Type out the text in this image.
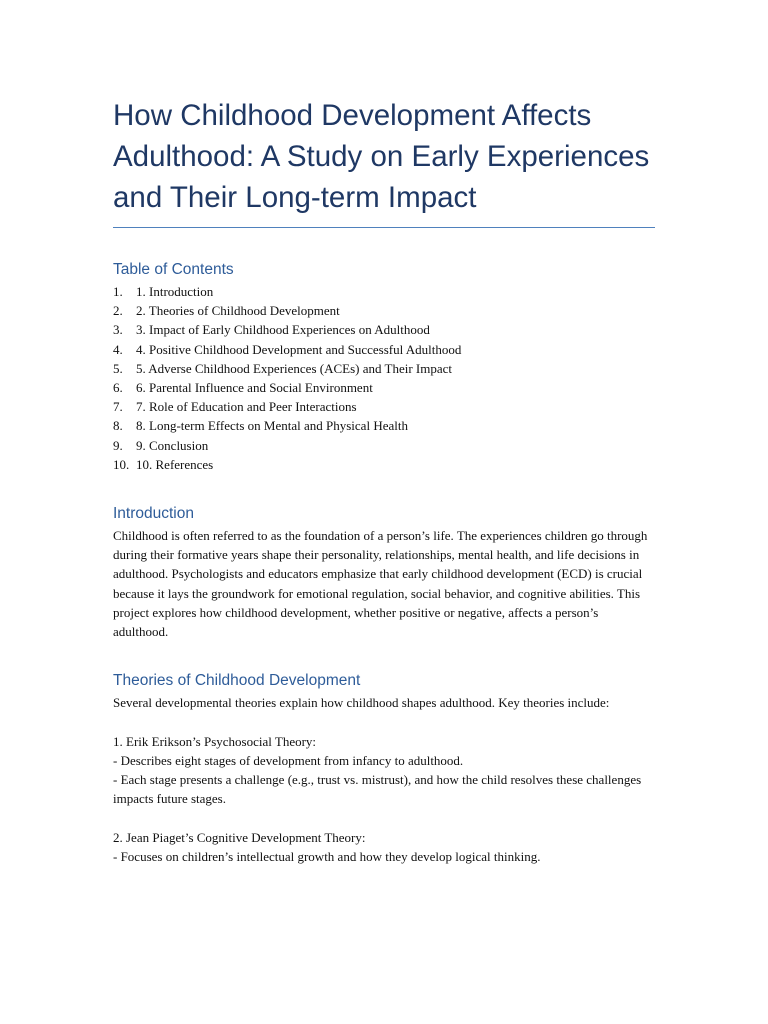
How Childhood Development Affects Adulthood: A Study on Early Experiences and Their Long-term Impact
Table of Contents
1.	1. Introduction
2.	2. Theories of Childhood Development
3.	3. Impact of Early Childhood Experiences on Adulthood
4.	4. Positive Childhood Development and Successful Adulthood
5.	5. Adverse Childhood Experiences (ACEs) and Their Impact
6.	6. Parental Influence and Social Environment
7.	7. Role of Education and Peer Interactions
8.	8. Long-term Effects on Mental and Physical Health
9.	9. Conclusion
10. 10. References
Introduction

Childhood is often referred to as the foundation of a person’s life. The experiences children go through during their formative years shape their personality, relationships, mental health, and life decisions in adulthood. Psychologists and educators emphasize that early childhood development (ECD) is crucial because it lays the groundwork for emotional regulation, social behavior, and cognitive abilities. This project explores how childhood development, whether positive or negative, affects a person’s adulthood.

Theories of Childhood Development

Several developmental theories explain how childhood shapes adulthood. Key theories include:

1. Erik Erikson’s Psychosocial Theory:

- Describes eight stages of development from infancy to adulthood.

- Each stage presents a challenge (e.g., trust vs. mistrust), and how the child resolves these challenges impacts future stages.

2. Jean Piaget’s Cognitive Development Theory:

- Focuses on children’s intellectual growth and how they develop logical thinking.
